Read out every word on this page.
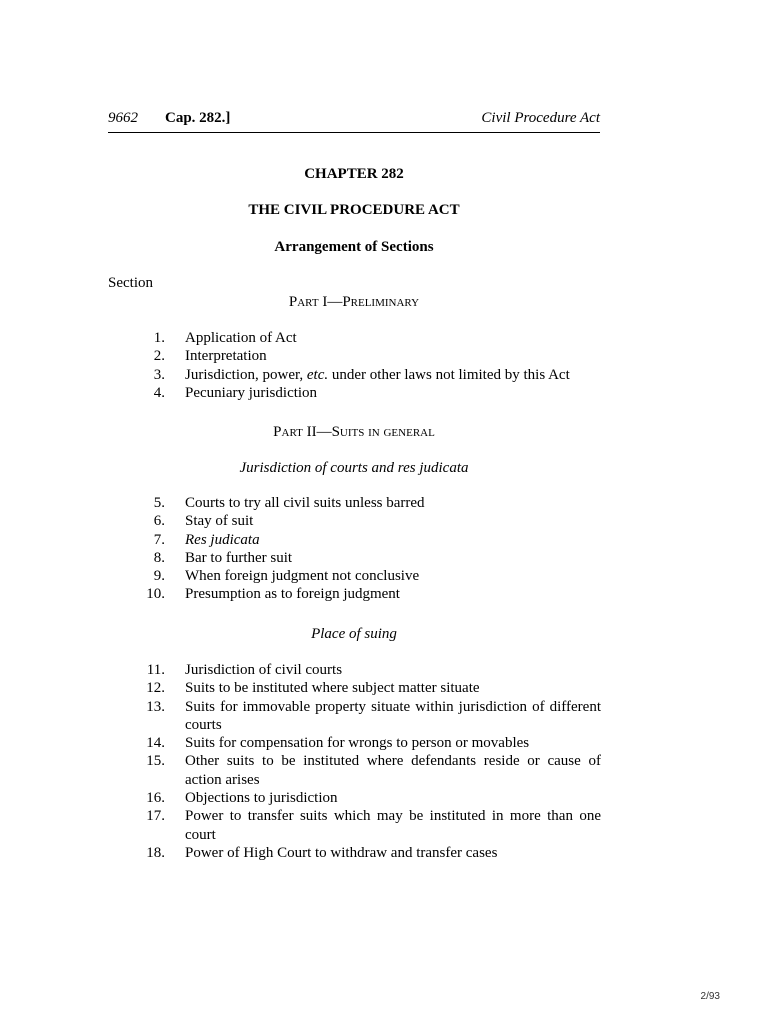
9662 Cap. 282.]	Civil Procedure Act
CHAPTER 282
THE CIVIL PROCEDURE ACT
Arrangement of Sections
Section
Part I—Preliminary
1. Application of Act
2. Interpretation
3. Jurisdiction, power, etc. under other laws not limited by this Act
4. Pecuniary jurisdiction
Part II—Suits in general
Jurisdiction of courts and res judicata
5. Courts to try all civil suits unless barred
6. Stay of suit
7. Res judicata
8. Bar to further suit
9. When foreign judgment not conclusive
10. Presumption as to foreign judgment
Place of suing
11. Jurisdiction of civil courts
12. Suits to be instituted where subject matter situate
13. Suits for immovable property situate within jurisdiction of different courts
14. Suits for compensation for wrongs to person or movables
15. Other suits to be instituted where defendants reside or cause of action arises
16. Objections to jurisdiction
17. Power to transfer suits which may be instituted in more than one court
18. Power of High Court to withdraw and transfer cases
2/93
